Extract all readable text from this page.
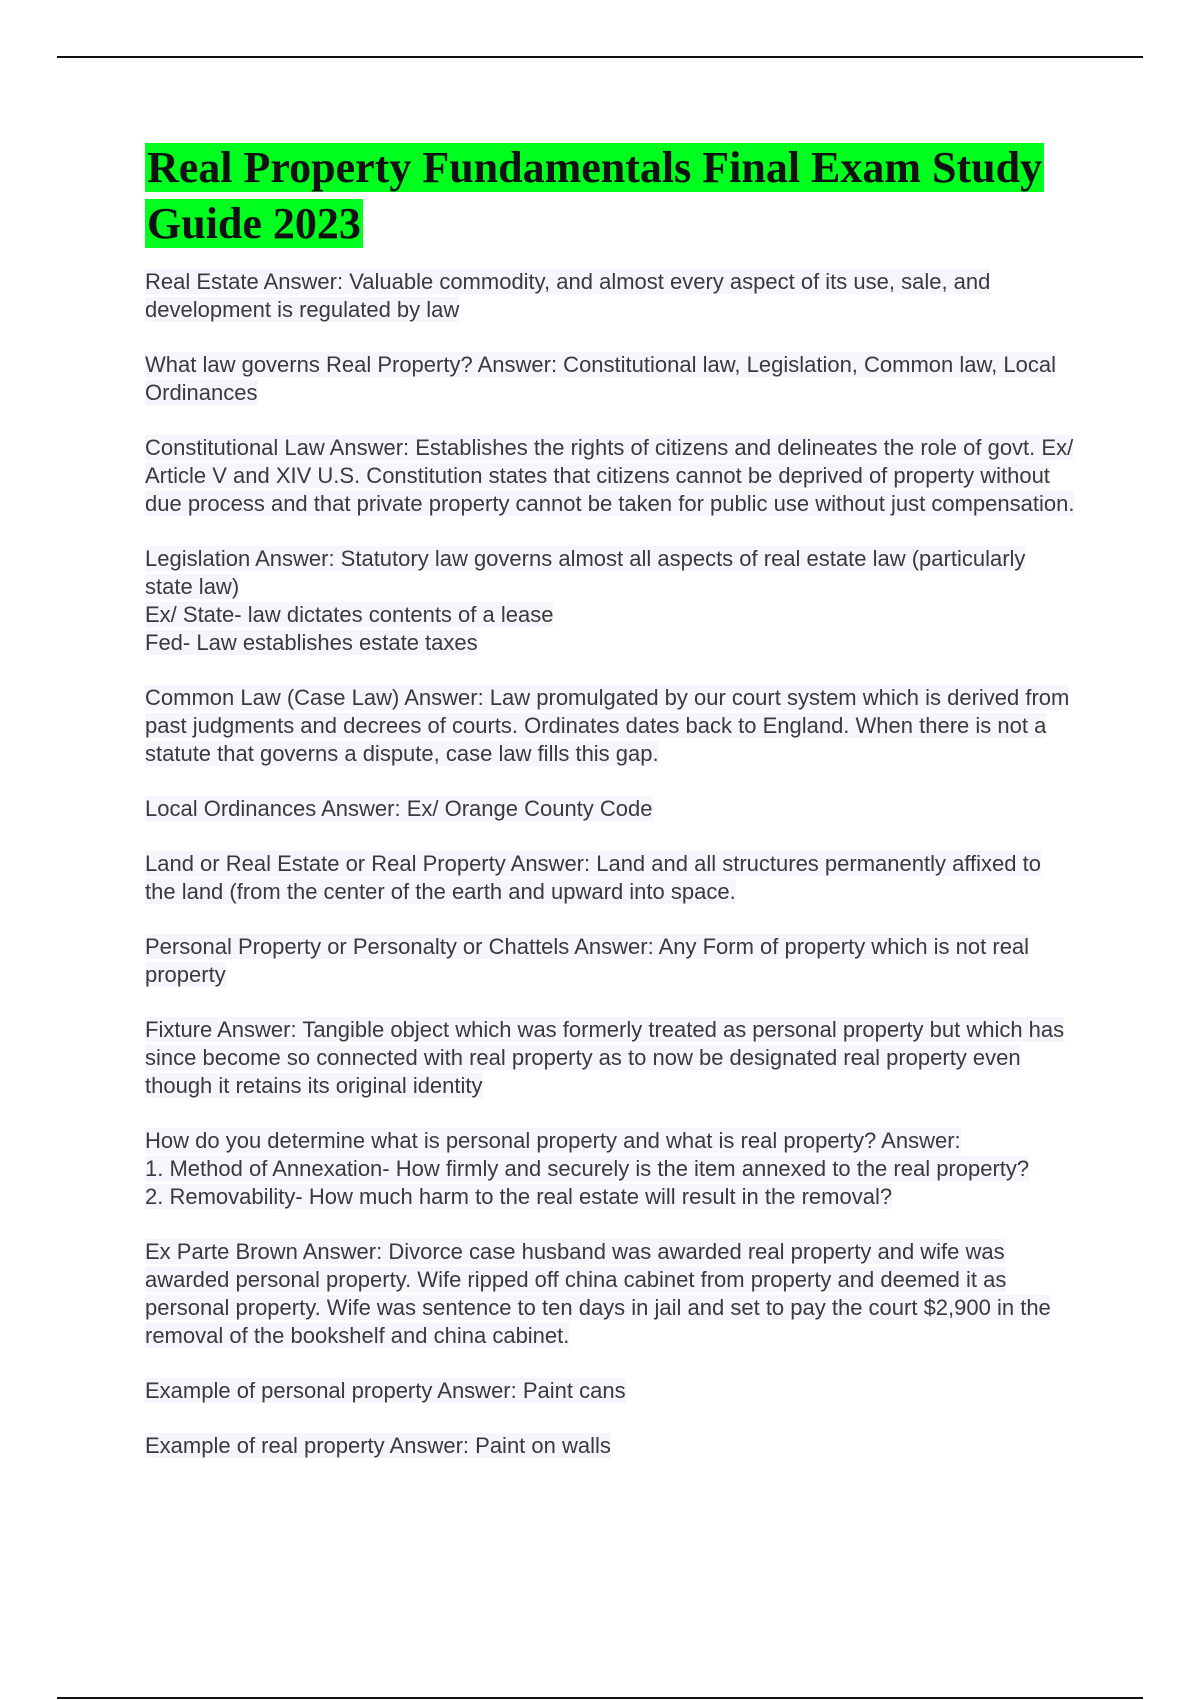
Real Property Fundamentals Final Exam Study Guide 2023
Real Estate Answer: Valuable commodity, and almost every aspect of its use, sale, and development is regulated by law
What law governs Real Property? Answer: Constitutional law, Legislation, Common law, Local Ordinances
Constitutional Law Answer: Establishes the rights of citizens and delineates the role of govt. Ex/ Article V and XIV U.S. Constitution states that citizens cannot be deprived of property without due process and that private property cannot be taken for public use without just compensation.
Legislation Answer: Statutory law governs almost all aspects of real estate law (particularly state law)
Ex/ State- law dictates contents of a lease
Fed- Law establishes estate taxes
Common Law (Case Law) Answer: Law promulgated by our court system which is derived from past judgments and decrees of courts. Ordinates dates back to England. When there is not a statute that governs a dispute, case law fills this gap.
Local Ordinances Answer: Ex/ Orange County Code
Land or Real Estate or Real Property Answer: Land and all structures permanently affixed to the land (from the center of the earth and upward into space.
Personal Property or Personalty or Chattels Answer: Any Form of property which is not real property
Fixture Answer: Tangible object which was formerly treated as personal property but which has since become so connected with real property as to now be designated real property even though it retains its original identity
How do you determine what is personal property and what is real property? Answer:
1. Method of Annexation- How firmly and securely is the item annexed to the real property?
2. Removability- How much harm to the real estate will result in the removal?
Ex Parte Brown Answer: Divorce case husband was awarded real property and wife was awarded personal property. Wife ripped off china cabinet from property and deemed it as personal property. Wife was sentence to ten days in jail and set to pay the court $2,900 in the removal of the bookshelf and china cabinet.
Example of personal property Answer: Paint cans
Example of real property Answer: Paint on walls
